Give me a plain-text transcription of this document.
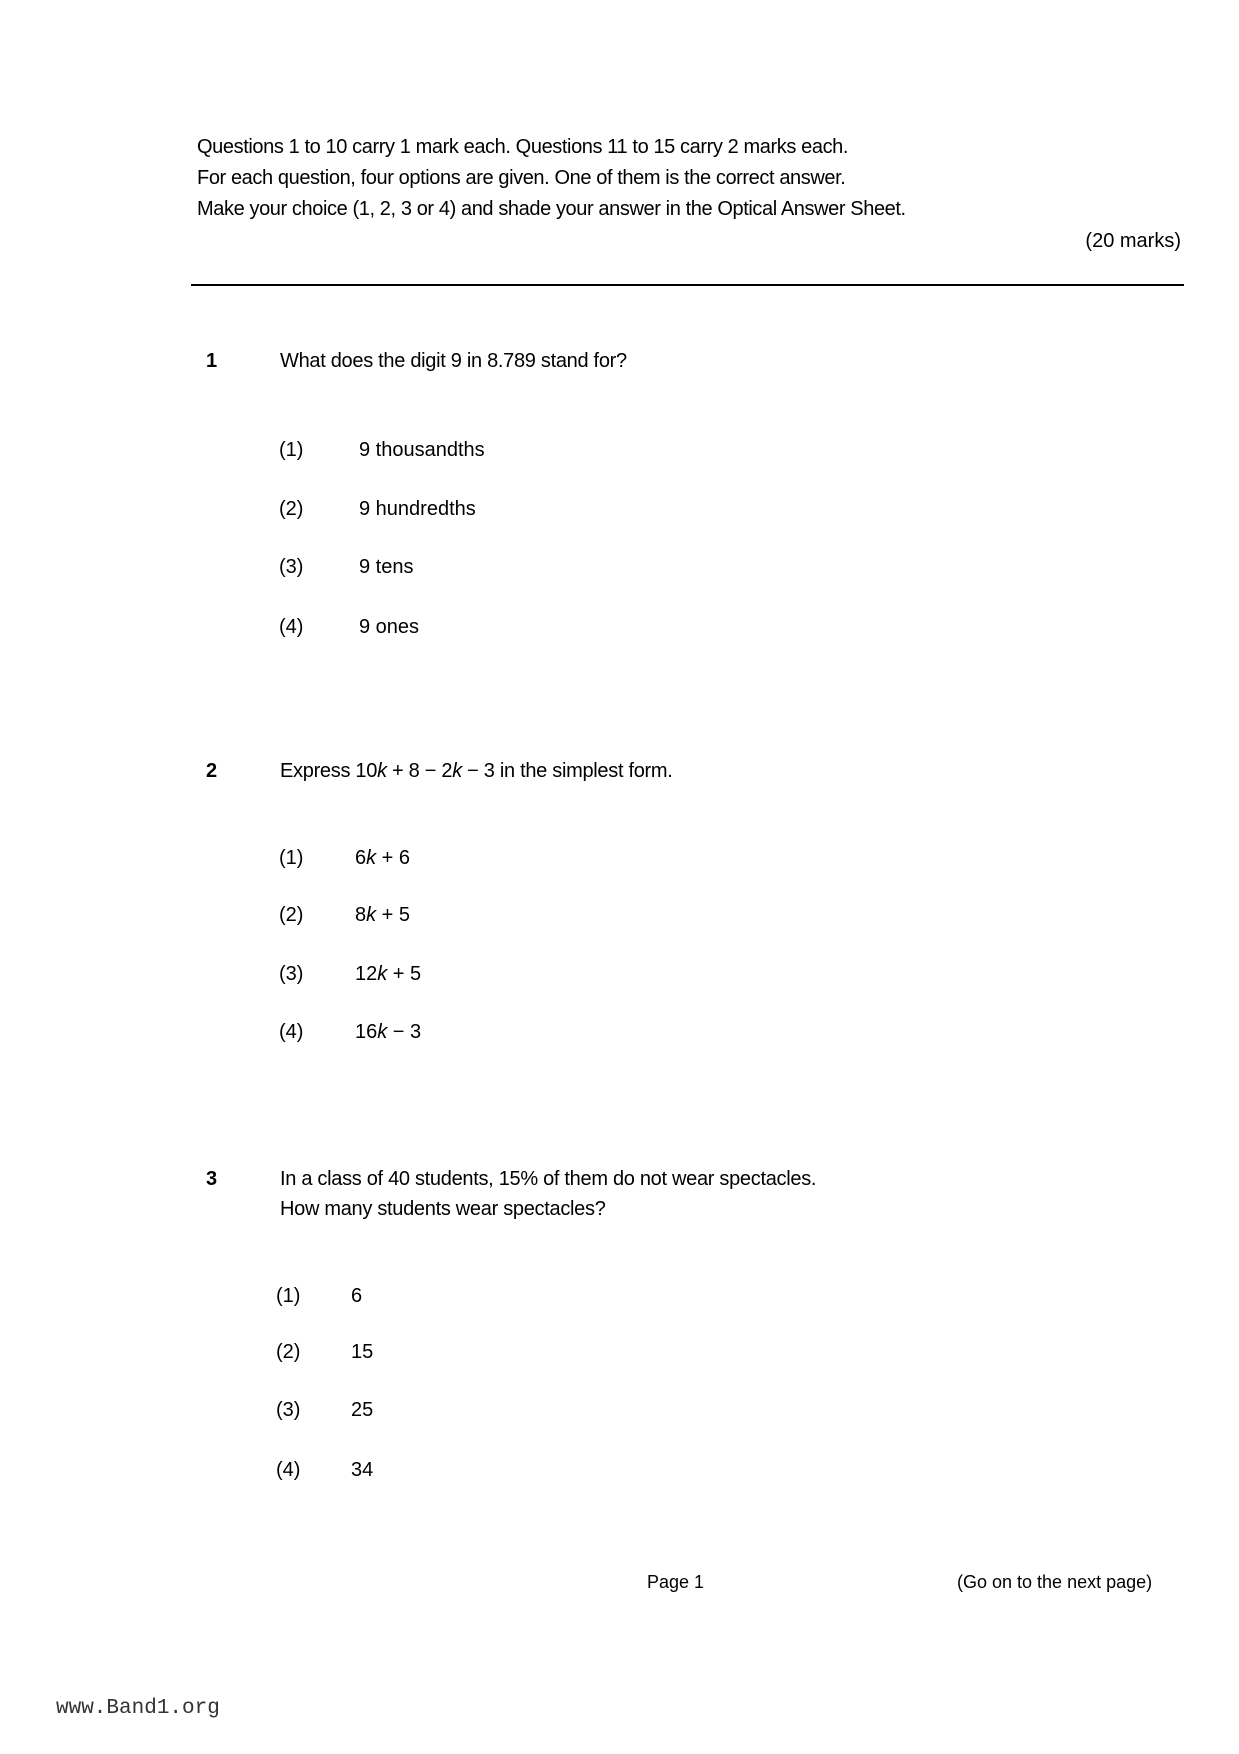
Questions 1 to 10 carry 1 mark each. Questions 11 to 15 carry 2 marks each.
For each question, four options are given. One of them is the correct answer.
Make your choice (1, 2, 3 or 4) and shade your answer in the Optical Answer Sheet.
(20 marks)
1	What does the digit 9 in 8.789 stand for?
(1)	9 thousandths
(2)	9 hundredths
(3)	9 tens
(4)	9 ones
2	Express 10k + 8 − 2k − 3 in the simplest form.
(1)	6k + 6
(2)	8k + 5
(3)	12k + 5
(4)	16k − 3
3	In a class of 40 students, 15% of them do not wear spectacles.
How many students wear spectacles?
(1)	6
(2)	15
(3)	25
(4)	34
Page 1	(Go on to the next page)
www.Band1.org
